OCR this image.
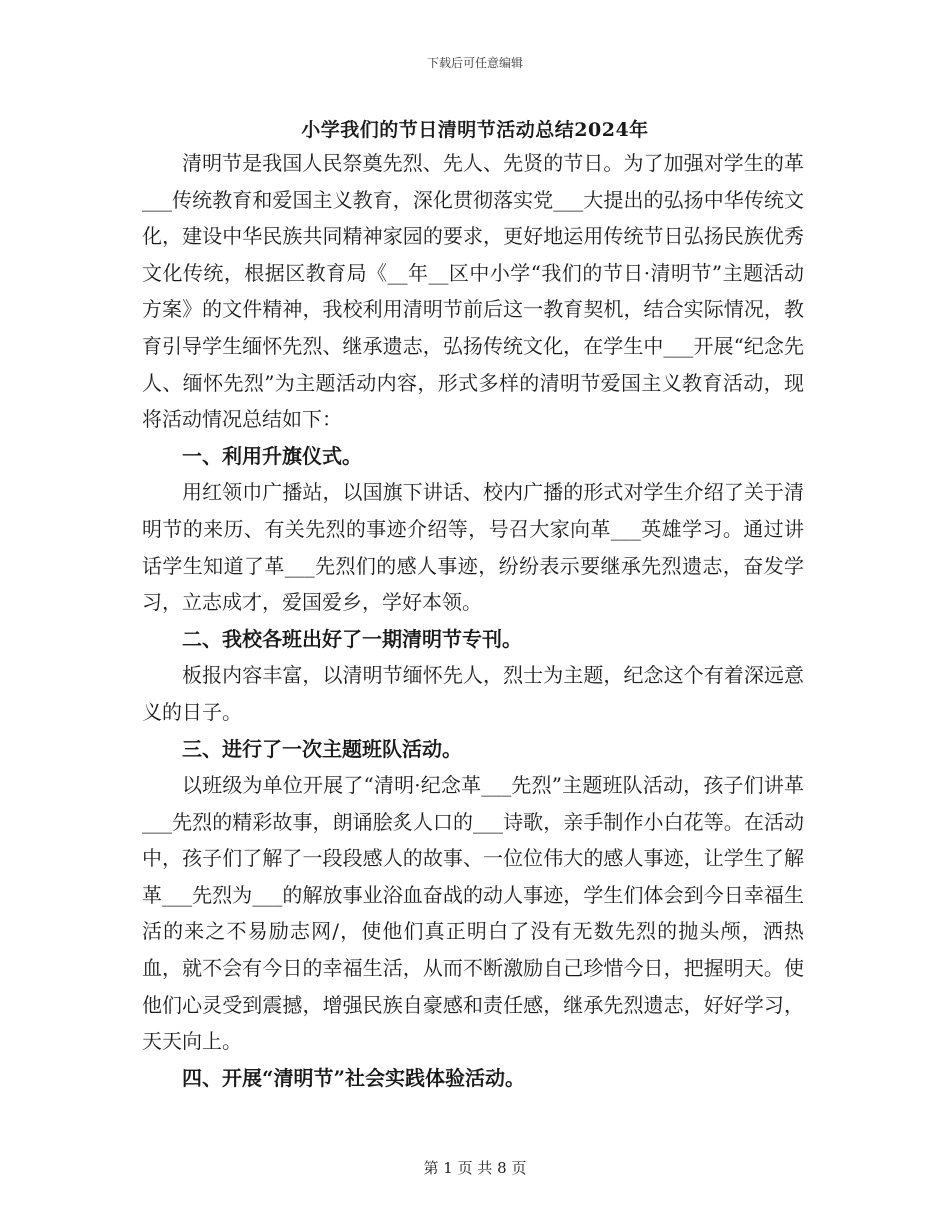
下载后可任意编辑
小学我们的节日清明节活动总结2024年

清明节是我国人民祭奠先烈、先人、先贤的节日。为了加强对学生的革___传统教育和爱国主义教育，深化贯彻落实党___大提出的弘扬中华传统文化，建设中华民族共同精神家园的要求，更好地运用传统节日弘扬民族优秀文化传统，根据区教育局《__年__区中小学“我们的节日·清明节”主题活动方案》的文件精神，我校利用清明节前后这一教育契机，结合实际情况，教育引导学生缅怀先烈、继承遗志，弘扬传统文化，在学生中___开展“纪念先人、缅怀先烈”为主题活动内容，形式多样的清明节爱国主义教育活动，现将活动情况总结如下：

一、利用升旗仪式。

用红领巾广播站，以国旗下讲话、校内广播的形式对学生介绍了关于清明节的来历、有关先烈的事迹介绍等，号召大家向革___英雄学习。通过讲话学生知道了革___先烈们的感人事迹，纷纷表示要继承先烈遗志，奋发学习，立志成才，爱国爱乡，学好本领。

二、我校各班出好了一期清明节专刊。

板报内容丰富，以清明节缅怀先人，烈士为主题，纪念这个有着深远意义的日子。

三、进行了一次主题班队活动。

以班级为单位开展了“清明·纪念革___先烈”主题班队活动，孩子们讲革___先烈的精彩故事，朗诵脍炙人口的___诗歌，亲手制作小白花等。在活动中，孩子们了解了一段段感人的故事、一位位伟大的感人事迹，让学生了解革___先烈为___的解放事业浴血奋战的动人事迹，学生们体会到今日幸福生活的来之不易励志网/，使他们真正明白了没有无数先烈的抛头颅，洒热血，就不会有今日的幸福生活，从而不断激励自己珍惜今日，把握明天。使他们心灵受到震撼，增强民族自豪感和责任感，继承先烈遗志，好好学习，天天向上。

四、开展“清明节”社会实践体验活动。

第 1 页 共 8 页
